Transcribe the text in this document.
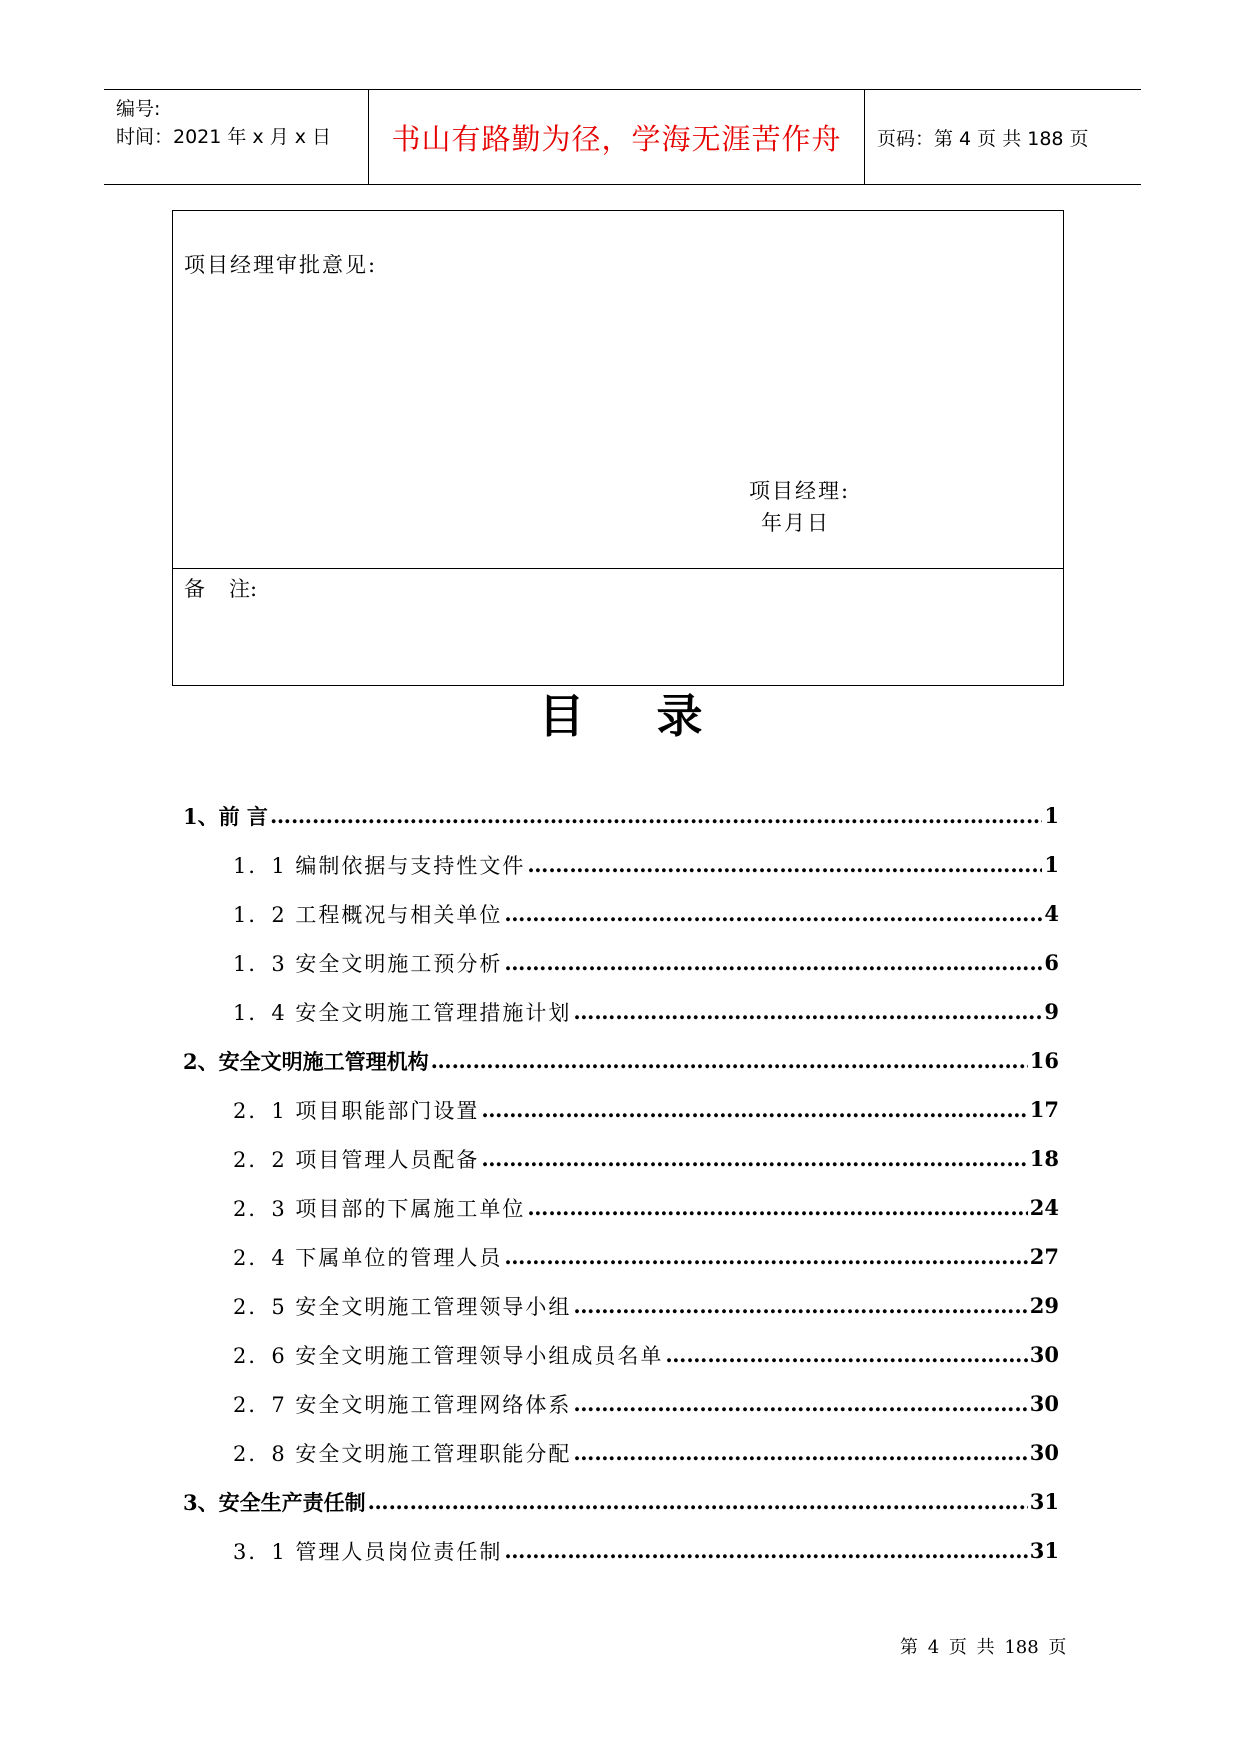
编号:
时间：2021 年 x 月 x 日	书山有路勤为径，学海无涯苦作舟	页码：第 4 页 共 188 页
项目经理审批意见:
项目经理:
年月日
备 注:
目 录
1、前 言 …………………………………………………………………………………………………………………………………………………	1
1．1 编制依据与支持性文件 …………………………………………………………………………………………………………………………………………………	1
1．2 工程概况与相关单位 …………………………………………………………………………………………………………………………………………………	4
1．3 安全文明施工预分析 …………………………………………………………………………………………………………………………………………………	6
1．4 安全文明施工管理措施计划 …………………………………………………………………………………………………………………………………………………	9
2、安全文明施工管理机构 …………………………………………………………………………………………………………………………………………………	16
2．1 项目职能部门设置 …………………………………………………………………………………………………………………………………………………	17
2．2 项目管理人员配备 …………………………………………………………………………………………………………………………………………………	18
2．3 项目部的下属施工单位 …………………………………………………………………………………………………………………………………………………	24
2．4 下属单位的管理人员 …………………………………………………………………………………………………………………………………………………	27
2．5 安全文明施工管理领导小组 …………………………………………………………………………………………………………………………………………………	29
2．6 安全文明施工管理领导小组成员名单 …………………………………………………………………………………………………………………………………………………	30
2．7 安全文明施工管理网络体系 …………………………………………………………………………………………………………………………………………………	30
2．8 安全文明施工管理职能分配 …………………………………………………………………………………………………………………………………………………	30
3、安全生产责任制 …………………………………………………………………………………………………………………………………………………	31
3．1 管理人员岗位责任制 …………………………………………………………………………………………………………………………………………………	31
第 4 页 共 188 页
